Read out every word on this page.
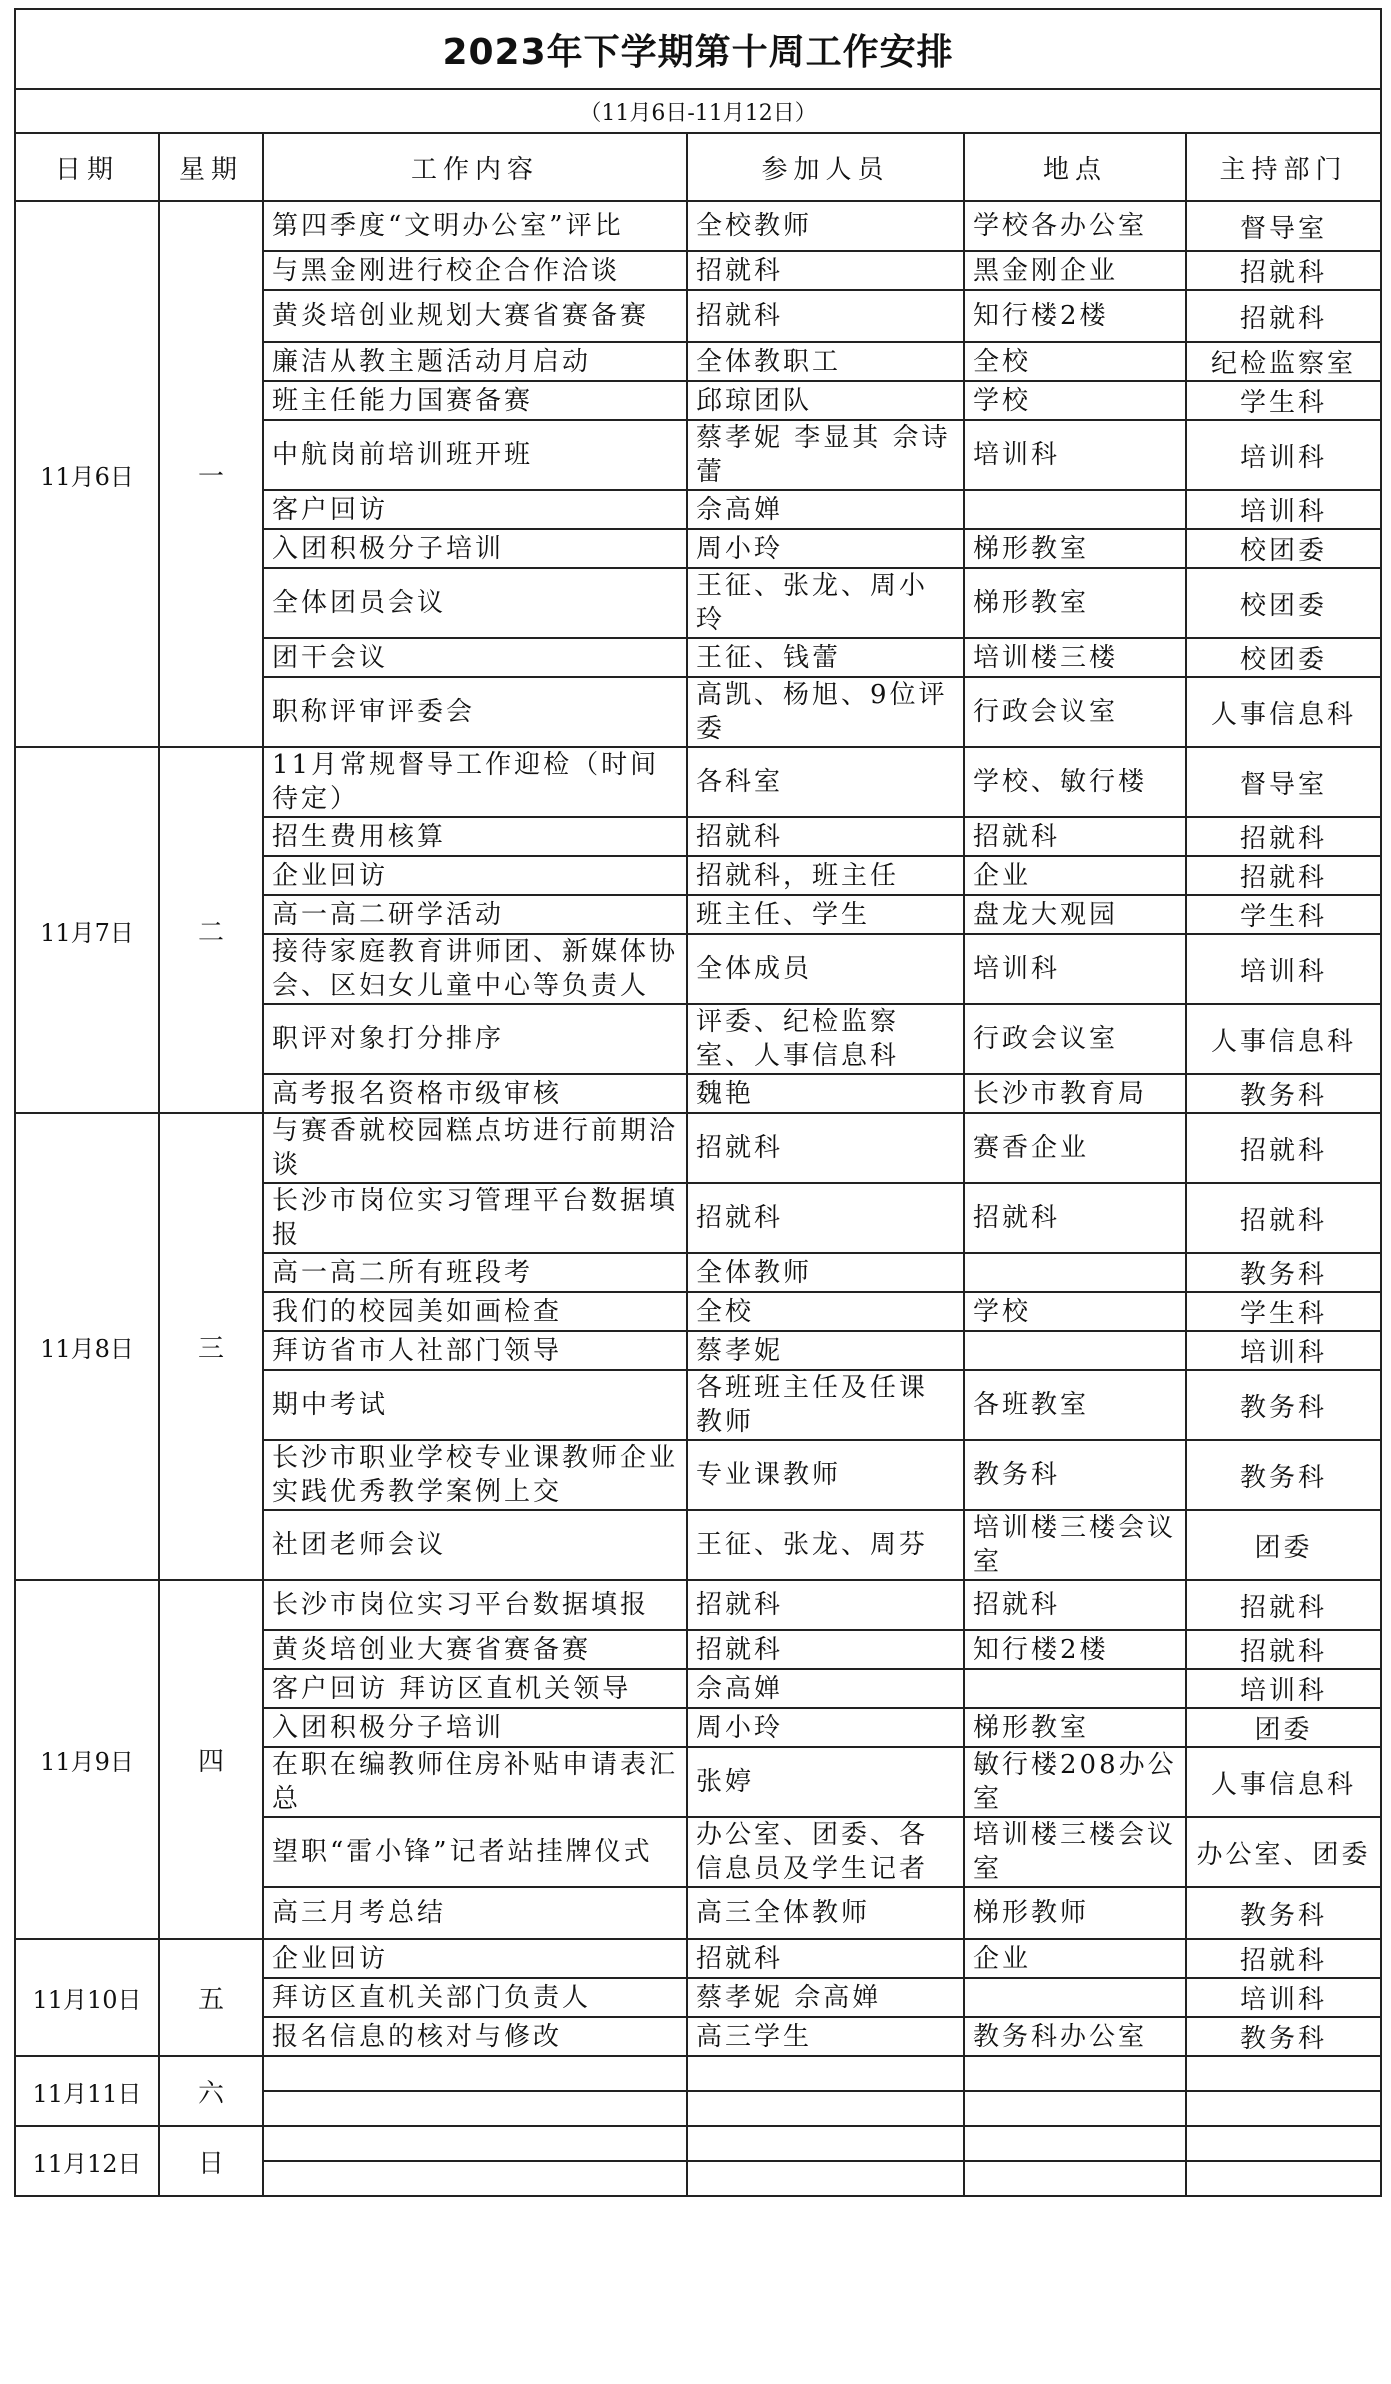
2023年下学期第十周工作安排					
（11月6日-11月12日）					
日期	星期	工作内容	参加人员	地点	主持部门
11月6日	一	第四季度“文明办公室”评比	全校教师	学校各办公室	督导室
		与黑金刚进行校企合作洽谈	招就科	黑金刚企业	招就科
		黄炎培创业规划大赛省赛备赛	招就科	知行楼2楼	招就科
		廉洁从教主题活动月启动	全体教职工	全校	纪检监察室
		班主任能力国赛备赛	邱琼团队	学校	学生科
		中航岗前培训班开班	蔡孝妮 李显其 佘诗蕾	培训科	培训科
		客户回访	佘高婵		培训科
		入团积极分子培训	周小玲	梯形教室	校团委
		全体团员会议	王征、张龙、周小玲	梯形教室	校团委
		团干会议	王征、钱蕾	培训楼三楼	校团委
		职称评审评委会	高凯、杨旭、9位评委	行政会议室	人事信息科
11月7日	二	11月常规督导工作迎检（时间待定）	各科室	学校、敏行楼	督导室
		招生费用核算	招就科	招就科	招就科
		企业回访	招就科，班主任	企业	招就科
		高一高二研学活动	班主任、学生	盘龙大观园	学生科
		接待家庭教育讲师团、新媒体协会、区妇女儿童中心等负责人	全体成员	培训科	培训科
		职评对象打分排序	评委、纪检监察室、人事信息科	行政会议室	人事信息科
		高考报名资格市级审核	魏艳	长沙市教育局	教务科
11月8日	三	与赛香就校园糕点坊进行前期洽谈	招就科	赛香企业	招就科
		长沙市岗位实习管理平台数据填报	招就科	招就科	招就科
		高一高二所有班段考	全体教师		教务科
		我们的校园美如画检查	全校	学校	学生科
		拜访省市人社部门领导	蔡孝妮		培训科
		期中考试	各班班主任及任课教师	各班教室	教务科
		长沙市职业学校专业课教师企业实践优秀教学案例上交	专业课教师	教务科	教务科
		社团老师会议	王征、张龙、周芬	培训楼三楼会议室	团委
11月9日	四	长沙市岗位实习平台数据填报	招就科	招就科	招就科
		黄炎培创业大赛省赛备赛	招就科	知行楼2楼	招就科
		客户回访 拜访区直机关领导	佘高婵		培训科
		入团积极分子培训	周小玲	梯形教室	团委
		在职在编教师住房补贴申请表汇总	张婷	敏行楼208办公室	人事信息科
		望职“雷小锋”记者站挂牌仪式	办公室、团委、各信息员及学生记者	培训楼三楼会议室	办公室、团委
		高三月考总结	高三全体教师	梯形教师	教务科
11月10日	五	企业回访	招就科	企业	招就科
		拜访区直机关部门负责人	蔡孝妮 佘高婵		培训科
		报名信息的核对与修改	高三学生	教务科办公室	教务科
11月11日	六				

11月12日	日				
